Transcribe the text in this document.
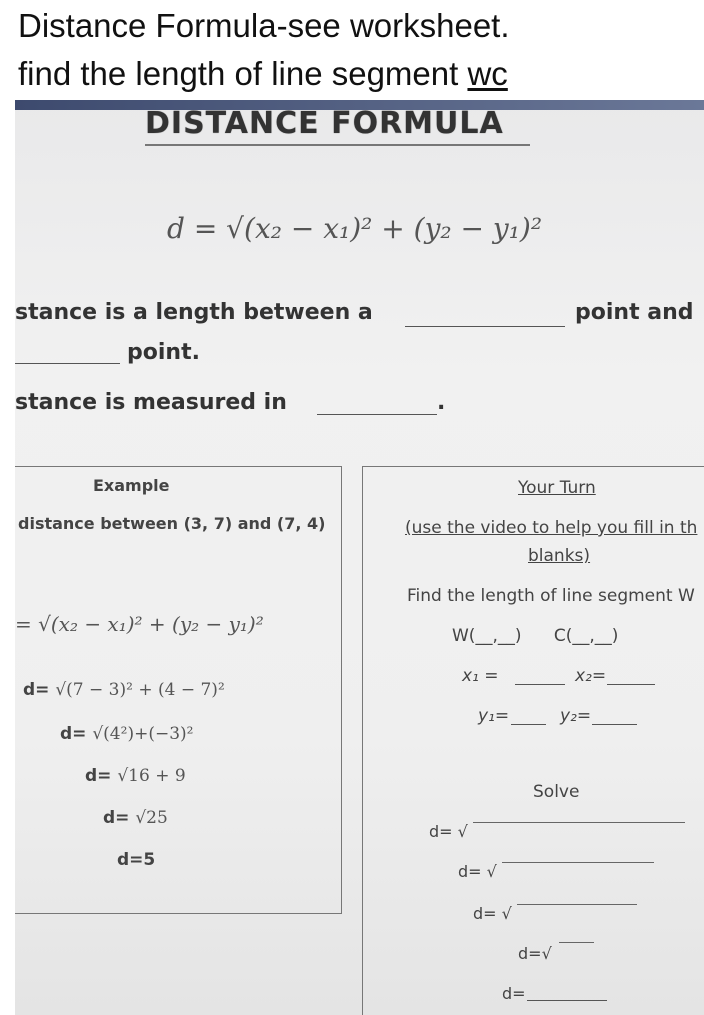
Distance Formula-see worksheet.
find the length of line segment wc
DISTANCE FORMULA
d = √(x₂ − x₁)² + (y₂ − y₁)²
stance is a length between a	point and
point.
stance is measured in	.
Example
distance between (3, 7) and (7, 4)
= √(x₂ − x₁)² + (y₂ − y₁)²
d= √(7 − 3)² + (4 − 7)²
d= √(4²)+(−3)²
d= √16 + 9
d= √25
d=5
Your Turn
(use the video to help you fill in th
blanks)
Find the length of line segment W
W(__,__)      C(__,__)
x₁ =	x₂=
y₁=	y₂=
Solve
d= √
d= √
d= √
d=√
d=
